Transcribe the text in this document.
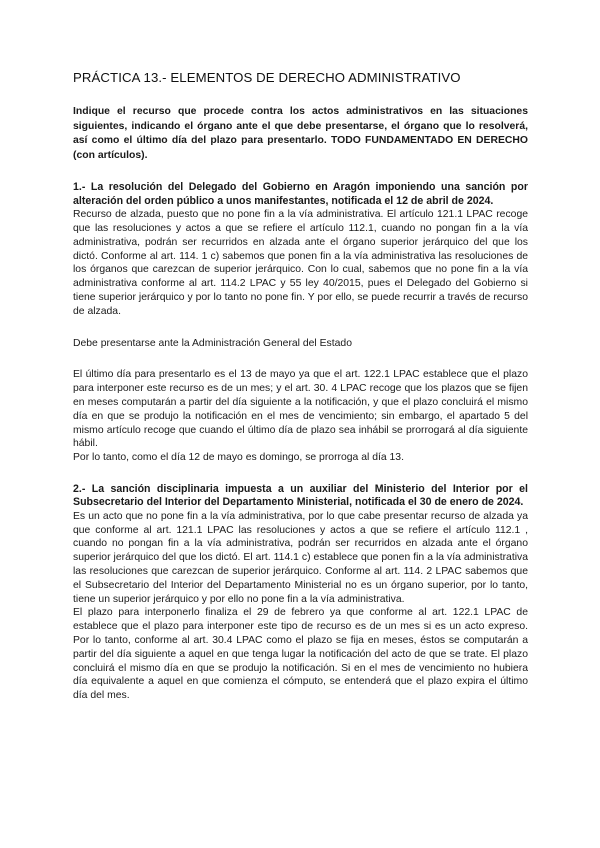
PRÁCTICA 13.- ELEMENTOS DE DERECHO ADMINISTRATIVO

Indique el recurso que procede contra los actos administrativos en las situaciones siguientes, indicando el órgano ante el que debe presentarse, el órgano que lo resolverá, así como el último día del plazo para presentarlo. TODO FUNDAMENTADO EN DERECHO (con artículos).

1.- La resolución del Delegado del Gobierno en Aragón imponiendo una sanción por alteración del orden público a unos manifestantes, notificada el 12 de abril de 2024.

Recurso de alzada, puesto que no pone fin a la vía administrativa. El artículo 121.1 LPAC recoge que las resoluciones y actos a que se refiere el artículo 112.1, cuando no pongan fin a la vía administrativa, podrán ser recurridos en alzada ante el órgano superior jerárquico del que los dictó. Conforme al art. 114. 1 c) sabemos que ponen fin a la vía administrativa las resoluciones de los órganos que carezcan de superior jerárquico. Con lo cual, sabemos que no pone fin a la vía administrativa conforme al art. 114.2 LPAC y 55 ley 40/2015, pues el Delegado del Gobierno si tiene superior jerárquico y por lo tanto no pone fin. Y por ello, se puede recurrir a través de recurso de alzada.

Debe presentarse ante la Administración General del Estado

El último día para presentarlo es el 13 de mayo ya que el art. 122.1 LPAC establece que el plazo para interponer este recurso es de un mes; y el art. 30. 4 LPAC recoge que los plazos que se fijen en meses computarán a partir del día siguiente a la notificación, y que el plazo concluirá el mismo día en que se produjo la notificación en el mes de vencimiento; sin embargo, el apartado 5 del mismo artículo recoge que cuando el último día de plazo sea inhábil se prorrogará al día siguiente hábil.

Por lo tanto, como el día 12 de mayo es domingo, se prorroga al día 13.

2.- La sanción disciplinaria impuesta a un auxiliar del Ministerio del Interior por el Subsecretario del Interior del Departamento Ministerial, notificada el 30 de enero de 2024.

Es un acto que no pone fin a la vía administrativa, por lo que cabe presentar recurso de alzada ya que conforme al art. 121.1 LPAC las resoluciones y actos a que se refiere el artículo 112.1 , cuando no pongan fin a la vía administrativa, podrán ser recurridos en alzada ante el órgano superior jerárquico del que los dictó. El art. 114.1 c) establece que ponen fin a la vía administrativa las resoluciones que carezcan de superior jerárquico. Conforme al art. 114. 2 LPAC sabemos que el Subsecretario del Interior del Departamento Ministerial no es un órgano superior, por lo tanto, tiene un superior jerárquico y por ello no pone fin a la vía administrativa.

El plazo para interponerlo finaliza el 29 de febrero ya que conforme al art. 122.1 LPAC de establece que el plazo para interponer este tipo de recurso es de un mes si es un acto expreso. Por lo tanto, conforme al art. 30.4 LPAC como el plazo se fija en meses, éstos se computarán a partir del día siguiente a aquel en que tenga lugar la notificación del acto de que se trate. El plazo concluirá el mismo día en que se produjo la notificación. Si en el mes de vencimiento no hubiera día equivalente a aquel en que comienza el cómputo, se entenderá que el plazo expira el último día del mes.
